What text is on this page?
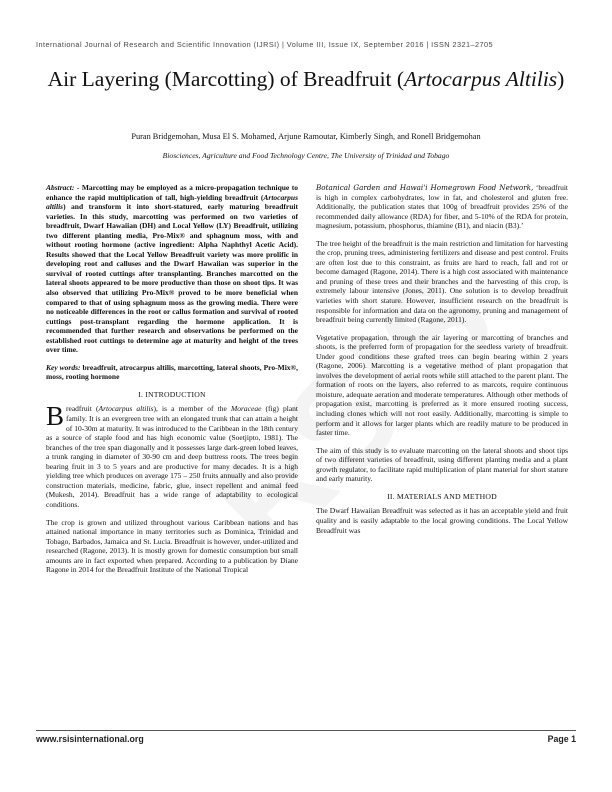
International Journal of Research and Scientific Innovation (IJRSI) | Volume III, Issue IX, September 2016 | ISSN 2321–2705
Air Layering (Marcotting) of Breadfruit (Artocarpus Altilis)
Puran Bridgemohan, Musa El S. Mohamed, Arjune Ramoutar, Kimberly Singh, and Ronell Bridgemohan
Biosciences, Agriculture and Food Technology Centre, The University of Trinidad and Tobago

Abstract: - Marcotting may be employed as a micro-propagation technique to enhance the rapid multiplication of tall, high-yielding breadfruit (Artocarpus altilis) and transform it into short-statured, early maturing breadfruit varieties. In this study, marcotting was performed on two varieties of breadfruit, Dwarf Hawaiian (DH) and Local Yellow (LY) Breadfruit, utilizing two different planting media, Pro-Mix® and sphagnum moss, with and without rooting hormone (active ingredient: Alpha Naphthyl Acetic Acid). Results showed that the Local Yellow Breadfruit variety was more prolific in developing root and calluses and the Dwarf Hawaiian was superior in the survival of rooted cuttings after transplanting. Branches marcotted on the lateral shoots appeared to be more productive than those on shoot tips. It was also observed that utilizing Pro-Mix® proved to be more beneficial when compared to that of using sphagnum moss as the growing media. There were no noticeable differences in the root or callus formation and survival of rooted cuttings post-transplant regarding the hormone application. It is recommended that further research and observations be performed on the established root cuttings to determine age at maturity and height of the trees over time.

Key words: breadfruit, atrocarpus altilis, marcotting, lateral shoots, Pro-Mix®, moss, rooting hormone

I. INTRODUCTION

Breadfruit (Artocarpus altilis), is a member of the Moraceae (fig) plant family. It is an evergreen tree with an elongated trunk that can attain a height of 10-30m at maturity. It was introduced to the Caribbean in the 18th century as a source of staple food and has high economic value (Soetjipto, 1981). The branches of the tree span diagonally and it possesses large dark-green lobed leaves, a trunk ranging in diameter of 30-90 cm and deep buttress roots. The trees begin bearing fruit in 3 to 5 years and are productive for many decades. It is a high yielding tree which produces on average 175 – 250 fruits annually and also provide construction materials, medicine, fabric, glue, insect repellent and animal feed (Mukesh, 2014). Breadfruit has a wide range of adaptability to ecological conditions.

The crop is grown and utilized throughout various Caribbean nations and has attained national importance in many territories such as Dominica, Trinidad and Tobago, Barbados, Jamaica and St. Lucia. Breadfruit is however, under-utilized and researched (Ragone, 2013). It is mostly grown for domestic consumption but small amounts are in fact exported when prepared. According to a publication by Diane Ragone in 2014 for the Breadfruit Institute of the National Tropical

Botanical Garden and Hawai'i Homegrown Food Network, ‘breadfruit is high in complex carbohydrates, low in fat, and cholesterol and gluten free. Additionally, the publication states that 100g of breadfruit provides 25% of the recommended daily allowance (RDA) for fiber, and 5-10% of the RDA for protein, magnesium, potassium, phosphorus, thiamine (B1), and niacin (B3).’

The tree height of the breadfruit is the main restriction and limitation for harvesting the crop, pruning trees, administering fertilizers and disease and pest control. Fruits are often lost due to this constraint, as fruits are hard to reach, fall and rot or become damaged (Ragone, 2014). There is a high cost associated with maintenance and pruning of these trees and their branches and the harvesting of this crop, is extremely labour intensive (Jones, 2011). One solution is to develop breadfruit varieties with short stature. However, insufficient research on the breadfruit is responsible for information and data on the agronomy, pruning and management of breadfruit being currently limited (Ragone, 2011).

Vegetative propagation, through the air layering or marcotting of branches and shoots, is the preferred form of propagation for the seedless variety of breadfruit. Under good conditions these grafted trees can begin bearing within 2 years (Ragone, 2006). Marcotting is a vegetative method of plant propagation that involves the development of aerial roots while still attached to the parent plant. The formation of roots on the layers, also referred to as marcots, require continuous moisture, adequate aeration and moderate temperatures. Although other methods of propagation exist, marcotting is preferred as it more ensured rooting success, including clones which will not root easily. Additionally, marcotting is simple to perform and it allows for larger plants which are readily mature to be produced in faster time.

The aim of this study is to evaluate marcotting on the lateral shoots and shoot tips of two different varieties of breadfruit, using different planting media and a plant growth regulator, to facilitate rapid multiplication of plant material for short stature and early maturity.

II. MATERIALS AND METHOD

The Dwarf Hawaiian Breadfruit was selected as it has an acceptable yield and fruit quality and is easily adaptable to the local growing conditions. The Local Yellow Breadfruit was

www.rsisinternational.org	Page 1
